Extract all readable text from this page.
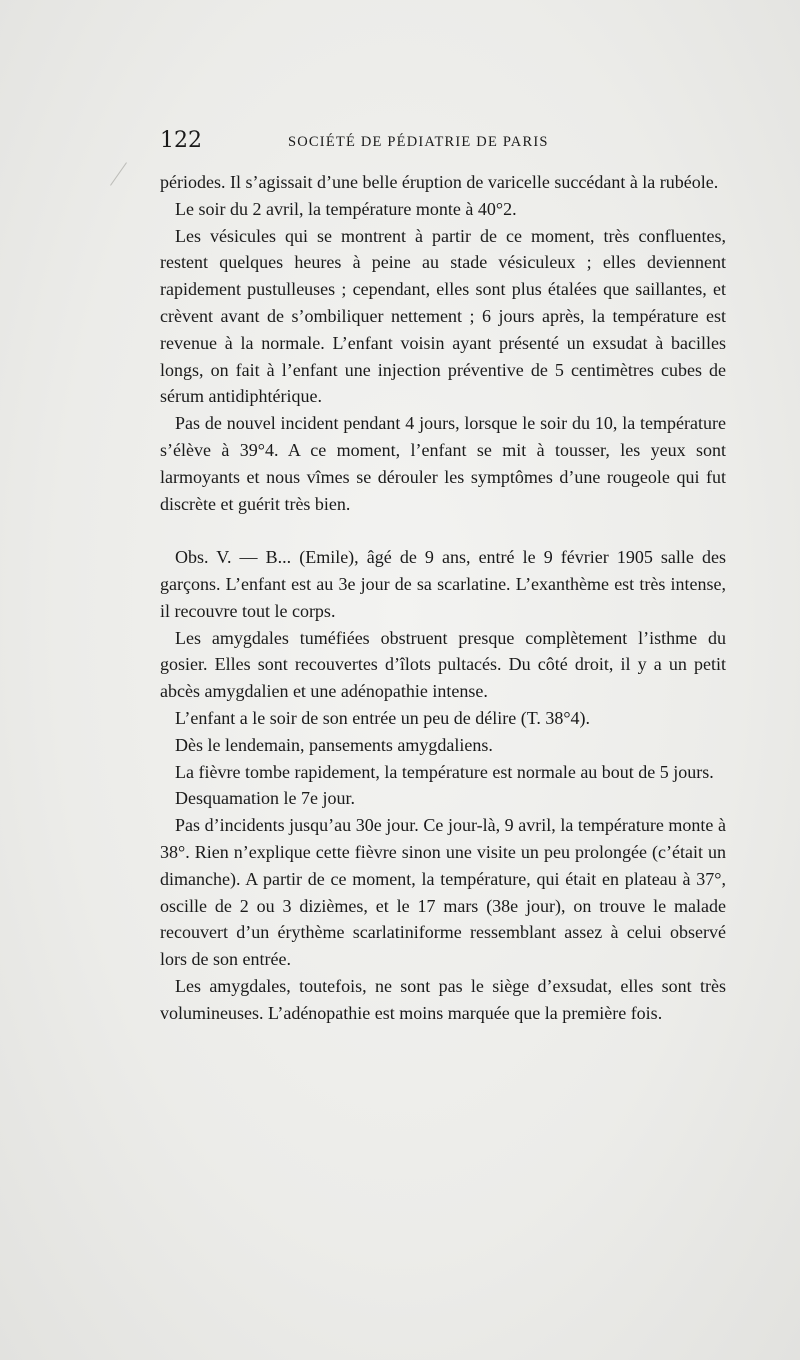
122	SOCIÉTÉ DE PÉDIATRIE DE PARIS

périodes. Il s’agissait d’une belle éruption de varicelle succédant à la rubéole.

Le soir du 2 avril, la température monte à 40°2.

Les vésicules qui se montrent à partir de ce moment, très confluentes, restent quelques heures à peine au stade vésiculeux ; elles deviennent rapidement pustulleuses ; cependant, elles sont plus étalées que saillantes, et crèvent avant de s’ombiliquer nettement ; 6 jours après, la température est revenue à la normale. L’enfant voisin ayant présenté un exsudat à bacilles longs, on fait à l’enfant une injection préventive de 5 centimètres cubes de sérum antidiphtérique.

Pas de nouvel incident pendant 4 jours, lorsque le soir du 10, la température s’élève à 39°4. A ce moment, l’enfant se mit à tousser, les yeux sont larmoyants et nous vîmes se dérouler les symptômes d’une rougeole qui fut discrète et guérit très bien.

Obs. V. — B... (Emile), âgé de 9 ans, entré le 9 février 1905 salle des garçons. L’enfant est au 3e jour de sa scarlatine. L’exanthème est très intense, il recouvre tout le corps.

Les amygdales tuméfiées obstruent presque complètement l’isthme du gosier. Elles sont recouvertes d’îlots pultacés. Du côté droit, il y a un petit abcès amygdalien et une adénopathie intense.

L’enfant a le soir de son entrée un peu de délire (T. 38°4).

Dès le lendemain, pansements amygdaliens.

La fièvre tombe rapidement, la température est normale au bout de 5 jours.

Desquamation le 7e jour.

Pas d’incidents jusqu’au 30e jour. Ce jour-là, 9 avril, la température monte à 38°. Rien n’explique cette fièvre sinon une visite un peu prolongée (c’était un dimanche). A partir de ce moment, la température, qui était en plateau à 37°, oscille de 2 ou 3 dizièmes, et le 17 mars (38e jour), on trouve le malade recouvert d’un érythème scarlatiniforme ressemblant assez à celui observé lors de son entrée.

Les amygdales, toutefois, ne sont pas le siège d’exsudat, elles sont très volumineuses. L’adénopathie est moins marquée que la première fois.
